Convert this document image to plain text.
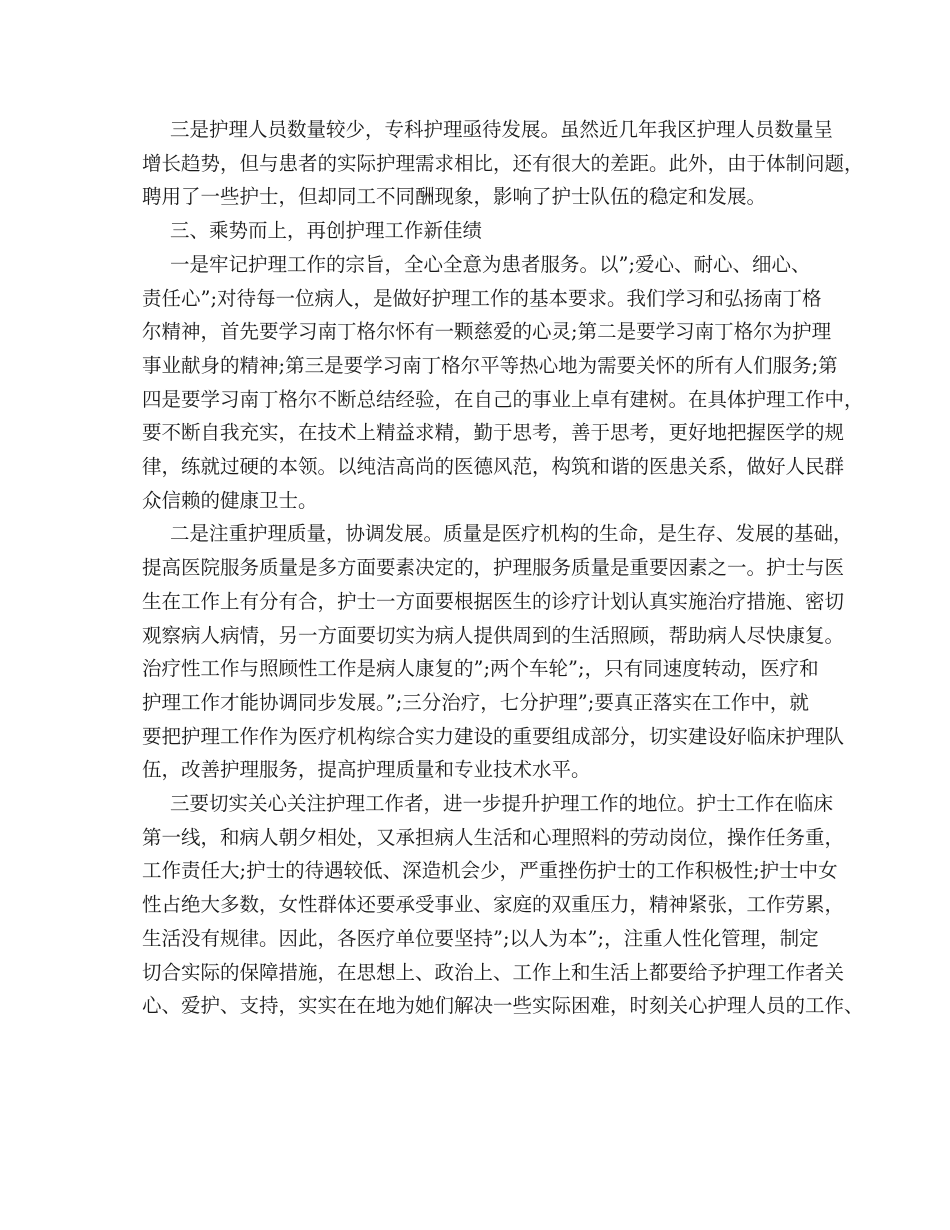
三是护理人员数量较少，专科护理亟待发展。虽然近几年我区护理人员数量呈
增长趋势，但与患者的实际护理需求相比，还有很大的差距。此外，由于体制问题，
聘用了一些护士，但却同工不同酬现象，影响了护士队伍的稳定和发展。

三、乘势而上，再创护理工作新佳绩

一是牢记护理工作的宗旨，全心全意为患者服务。以”;爱心、耐心、细心、
责任心”;对待每一位病人，是做好护理工作的基本要求。我们学习和弘扬南丁格
尔精神，首先要学习南丁格尔怀有一颗慈爱的心灵;第二是要学习南丁格尔为护理
事业献身的精神;第三是要学习南丁格尔平等热心地为需要关怀的所有人们服务;第
四是要学习南丁格尔不断总结经验，在自己的事业上卓有建树。在具体护理工作中，
要不断自我充实，在技术上精益求精，勤于思考，善于思考，更好地把握医学的规
律，练就过硬的本领。以纯洁高尚的医德风范，构筑和谐的医患关系，做好人民群
众信赖的健康卫士。

二是注重护理质量，协调发展。质量是医疗机构的生命，是生存、发展的基础，
提高医院服务质量是多方面要素决定的，护理服务质量是重要因素之一。护士与医
生在工作上有分有合，护士一方面要根据医生的诊疗计划认真实施治疗措施、密切
观察病人病情，另一方面要切实为病人提供周到的生活照顾，帮助病人尽快康复。
治疗性工作与照顾性工作是病人康复的”;两个车轮”;，只有同速度转动，医疗和
护理工作才能协调同步发展。”;三分治疗，七分护理”;要真正落实在工作中，就
要把护理工作作为医疗机构综合实力建设的重要组成部分，切实建设好临床护理队
伍，改善护理服务，提高护理质量和专业技术水平。

三要切实关心关注护理工作者，进一步提升护理工作的地位。护士工作在临床
第一线，和病人朝夕相处，又承担病人生活和心理照料的劳动岗位，操作任务重，
工作责任大;护士的待遇较低、深造机会少，严重挫伤护士的工作积极性;护士中女
性占绝大多数，女性群体还要承受事业、家庭的双重压力，精神紧张，工作劳累，
生活没有规律。因此，各医疗单位要坚持”;以人为本”;，注重人性化管理，制定
切合实际的保障措施，在思想上、政治上、工作上和生活上都要给予护理工作者关
心、爱护、支持，实实在在地为她们解决一些实际困难，时刻关心护理人员的工作、
